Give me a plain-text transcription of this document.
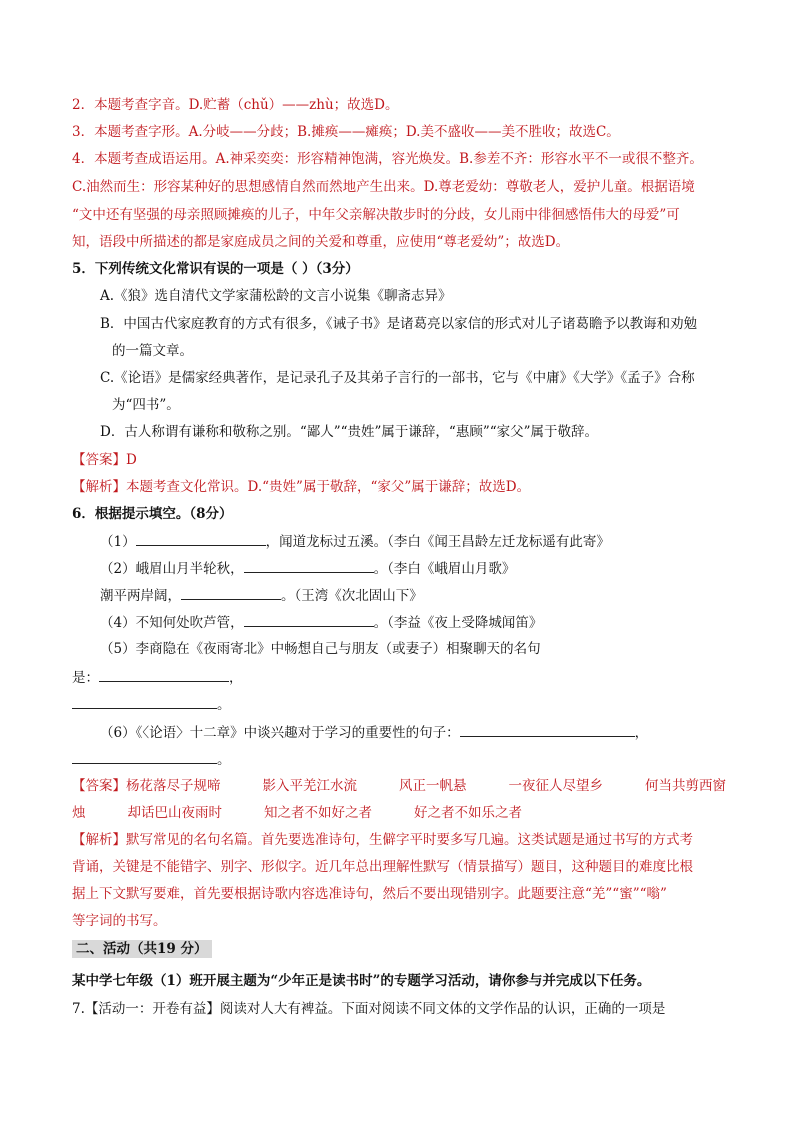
2．本题考查字音。D.贮蓄（chǔ）——zhù；故选D。
3．本题考查字形。A.分岐——分歧；B.摊痪——瘫痪；D.美不盛收——美不胜收；故选C。
4．本题考查成语运用。A.神采奕奕：形容精神饱满，容光焕发。B.参差不齐：形容水平不一或很不整齐。
C.油然而生：形容某种好的思想感情自然而然地产生出来。D.尊老爱幼：尊敬老人，爱护儿童。根据语境
“文中还有坚强的母亲照顾摊痪的儿子，中年父亲解决散步时的分歧，女儿雨中徘徊感悟伟大的母爱”可
知，语段中所描述的都是家庭成员之间的关爱和尊重，应使用“尊老爱幼”；故选D。
5．下列传统文化常识有误的一项是（ ）（3分）
A.《狼》选自清代文学家蒲松龄的文言小说集《聊斋志异》
B．中国古代家庭教育的方式有很多，《诫子书》是诸葛亮以家信的形式对儿子诸葛瞻予以教诲和劝勉
的一篇文章。
C.《论语》是儒家经典著作，是记录孔子及其弟子言行的一部书，它与《中庸》《大学》《孟子》合称
为“四书”。
D．古人称谓有谦称和敬称之别。“鄙人”“贵姓”属于谦辞，“惠顾”“家父”属于敬辞。
【答案】D
【解析】本题考查文化常识。D.“贵姓”属于敬辞，“家父”属于谦辞；故选D。
6．根据提示填空。（8分）
（1）	，闻道龙标过五溪。（李白《闻王昌龄左迁龙标遥有此寄》
（2）峨眉山月半轮秋，	。（李白《峨眉山月歌》
潮平两岸阔，	。（王湾《次北固山下》
（4）不知何处吹芦管，	。（李益《夜上受降城闻笛》
（5）李商隐在《夜雨寄北》中畅想自己与朋友（或妻子）相聚聊天的名句
是：	，
。
（6）《〈论语〉十二章》中谈兴趣对于学习的重要性的句子：	，
。
【答案】杨花落尽子规啼	影入平羌江水流	风正一帆悬	一夜征人尽望乡	何当共剪西窗
烛	却话巴山夜雨时	知之者不如好之者	好之者不如乐之者
【解析】默写常见的名句名篇。首先要选准诗句，生僻字平时要多写几遍。这类试题是通过书写的方式考
背诵，关键是不能错字、别字、形似字。近几年总出理解性默写（情景描写）题目，这种题目的难度比根
据上下文默写要难，首先要根据诗歌内容选准诗句，然后不要出现错别字。此题要注意“羌”“蜜”“嗡”
等字词的书写。
二、活动（共19 分）
某中学七年级（1）班开展主题为“少年正是读书时”的专题学习活动，请你参与并完成以下任务。
7.【活动一：开卷有益】阅读对人大有裨益。下面对阅读不同文体的文学作品的认识，正确的一项是
